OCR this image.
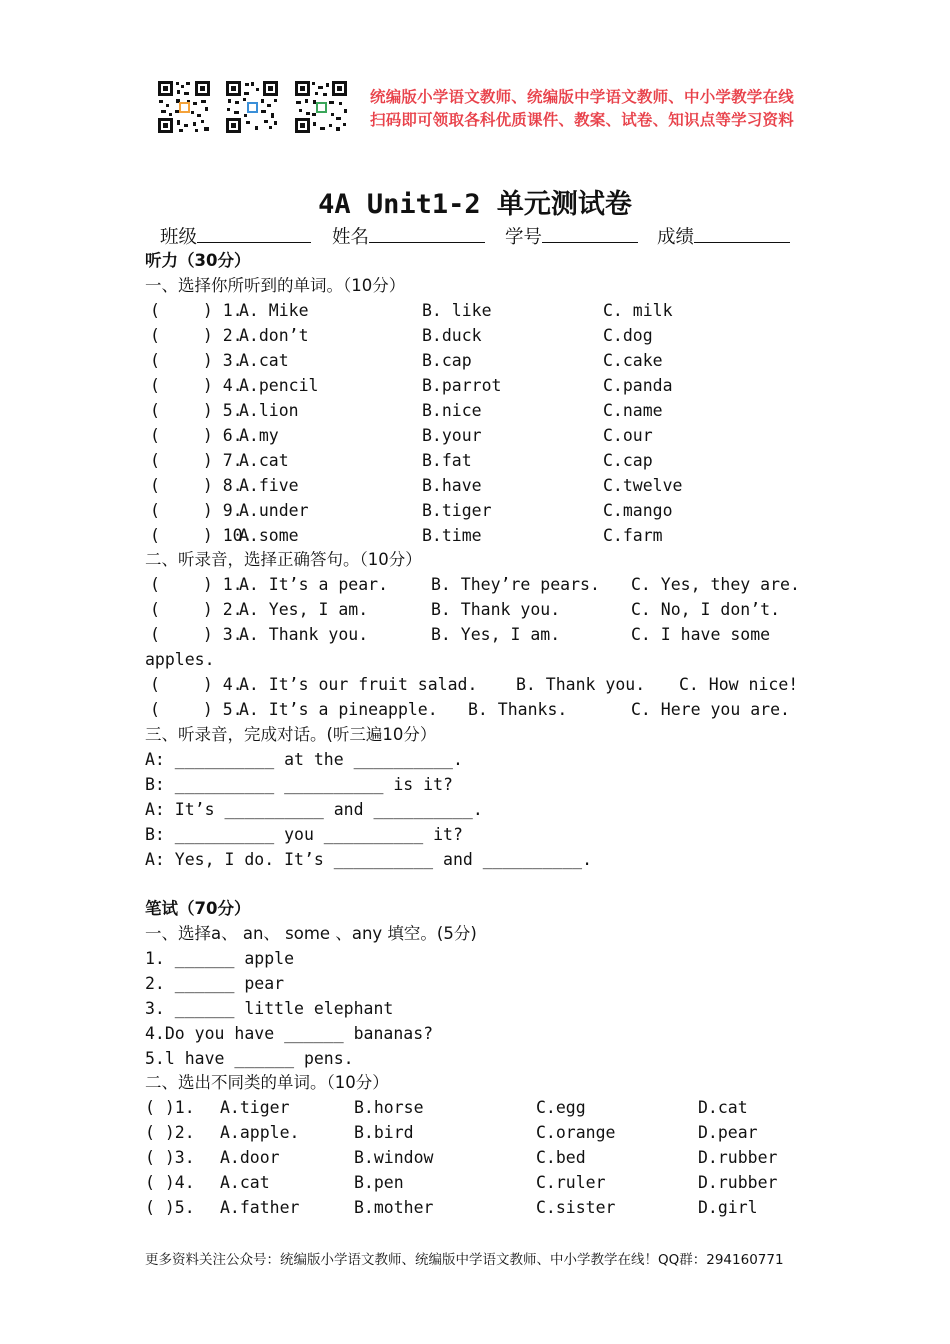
统编版小学语文教师、统编版中学语文教师、中小学教学在线
扫码即可领取各科优质课件、教案、试卷、知识点等学习资料
4A Unit1-2 单元测试卷
班级	姓名	学号	成绩
听力（30分）
一、选择你所听到的单词。（10分）
(　　 ) 1.
A. Mike	B. like	C. milk
(　　 ) 2.
A.don’t	B.duck	C.dog
(　　 ) 3.
A.cat	B.cap	C.cake
(　　 ) 4.
A.pencil	B.parrot	C.panda
(　　 ) 5.
A.lion	B.nice	C.name
(　　 ) 6.
A.my	B.your	C.our
(　　 ) 7.
A.cat	B.fat	C.cap
(　　 ) 8.
A.five	B.have	C.twelve
(　　 ) 9.
A.under	B.tiger	C.mango
(　　 ) 10.
A.some	B.time	C.farm
二、听录音，选择正确答句。（10分）
(　　 ) 1.
A. It’s a pear.	B. They’re pears. C. Yes, they are.
(　　 ) 2.
A. Yes, I am.	B. Thank you.	C. No, I don’t.
(　　 ) 3.
A. Thank you.	B. Yes, I am.	C. I have some
apples.
(　　 ) 4.
A. It’s our fruit salad. B. Thank you. C. How nice!
(　　 ) 5.
A. It’s a pineapple. B. Thanks.	C. Here you are.
三、听录音，完成对话。(听三遍10分）
A: __________ at the __________.
B: __________ __________ is it?
A: It’s __________ and __________.
B: __________ you __________ it?
A: Yes, I do. It’s __________ and __________.
笔试（70分）
一、选择a、 an、 some 、any 填空。(5分)
1. ______ apple
2. ______ pear
3. ______ little elephant
4.Do you have ______ bananas?
5.l have ______ pens.
二、选出不同类的单词。（10分）
( )1. A.tiger	B.horse	C.egg	D.cat
( )2. A.apple.	B.bird	C.orange	D.pear
( )3. A.door	B.window	C.bed	D.rubber
( )4. A.cat	B.pen	C.ruler	D.rubber
( )5. A.father	B.mother	C.sister	D.girl
更多资料关注公众号：统编版小学语文教师、统编版中学语文教师、中小学教学在线！QQ群：294160771
